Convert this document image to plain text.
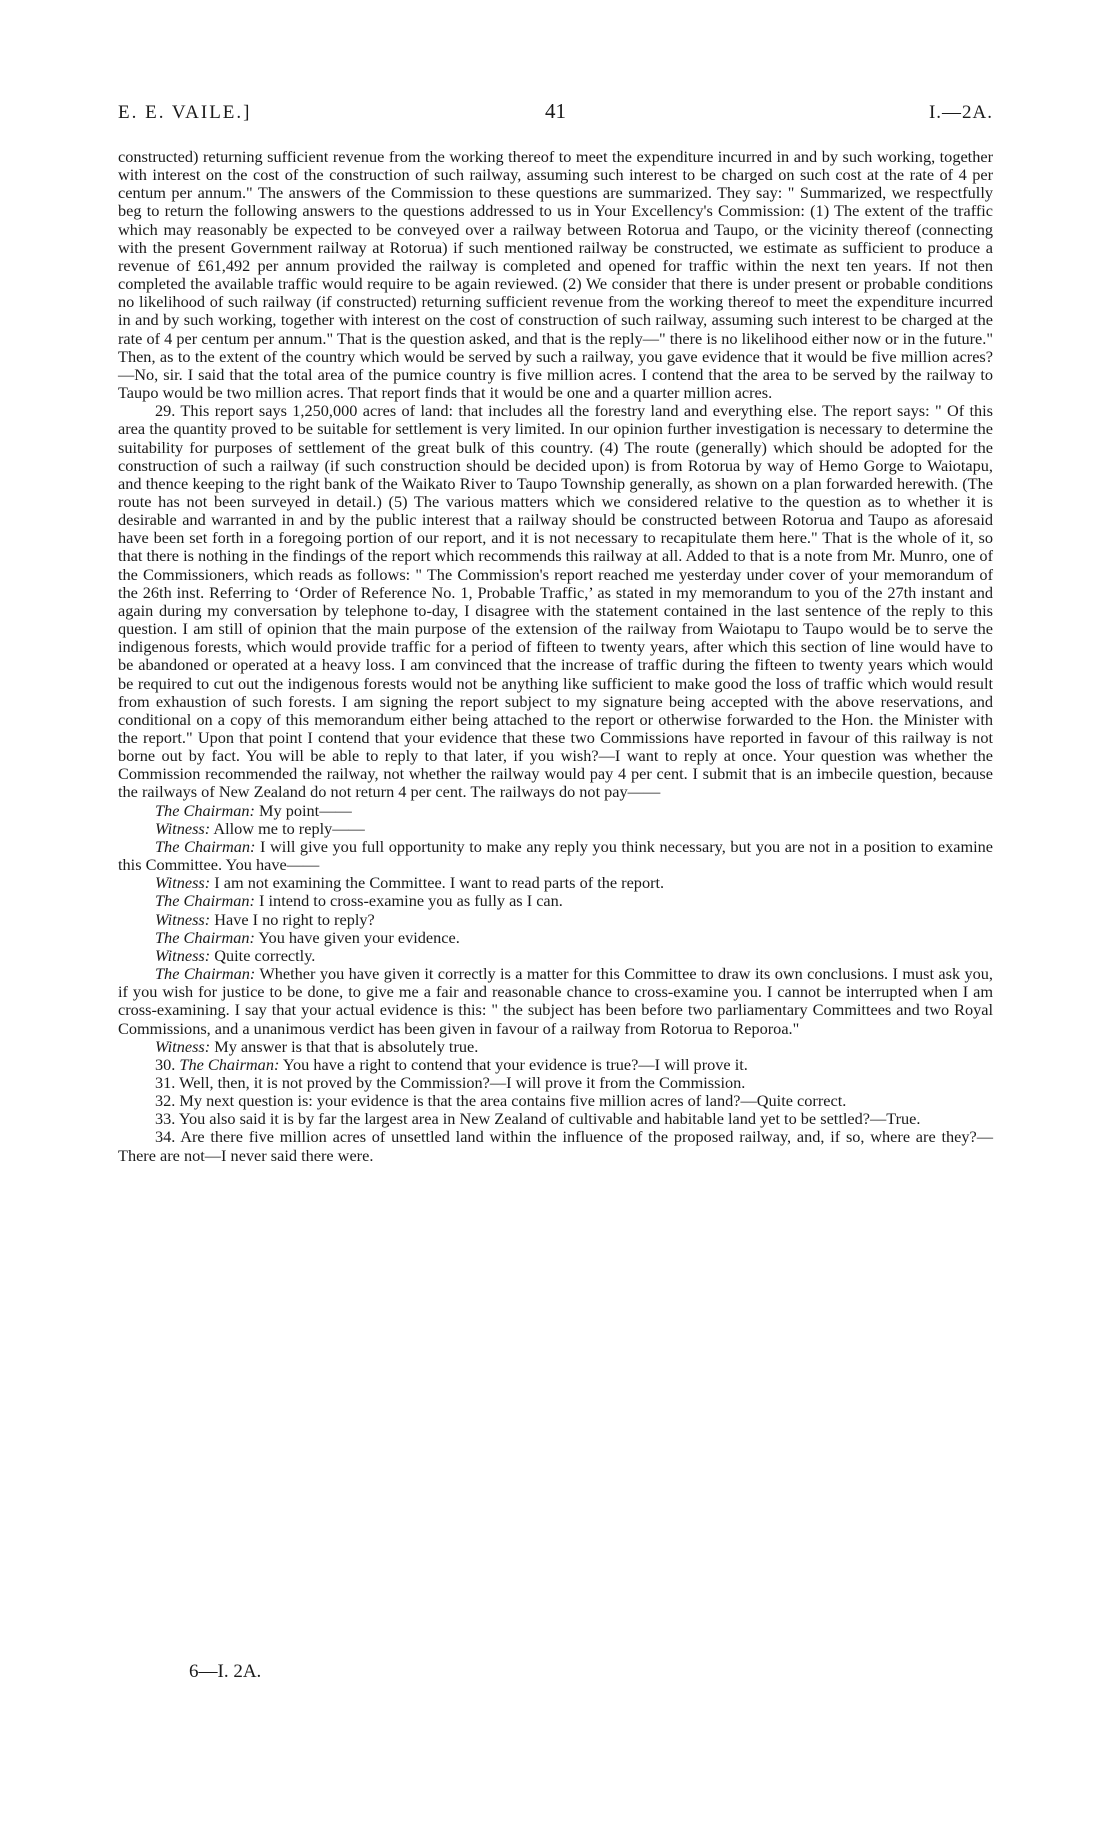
E. E. VAILE.]	41	I.—2A.

constructed) returning sufficient revenue from the working thereof to meet the expenditure incurred in and by such working, together with interest on the cost of the construction of such railway, assuming such interest to be charged on such cost at the rate of 4 per centum per annum." The answers of the Commission to these questions are summarized. They say: " Summarized, we respectfully beg to return the following answers to the questions addressed to us in Your Excellency's Commission: (1) The extent of the traffic which may reasonably be expected to be conveyed over a railway between Rotorua and Taupo, or the vicinity thereof (connecting with the present Government railway at Rotorua) if such mentioned railway be constructed, we estimate as sufficient to produce a revenue of £61,492 per annum provided the railway is completed and opened for traffic within the next ten years. If not then completed the available traffic would require to be again reviewed. (2) We consider that there is under present or probable conditions no likelihood of such railway (if constructed) returning sufficient revenue from the working thereof to meet the expenditure incurred in and by such working, together with interest on the cost of construction of such railway, assuming such interest to be charged at the rate of 4 per centum per annum." That is the question asked, and that is the reply—" there is no likelihood either now or in the future." Then, as to the extent of the country which would be served by such a railway, you gave evidence that it would be five million acres?—No, sir. I said that the total area of the pumice country is five million acres. I contend that the area to be served by the railway to Taupo would be two million acres. That report finds that it would be one and a quarter million acres.

29. This report says 1,250,000 acres of land: that includes all the forestry land and everything else. The report says: " Of this area the quantity proved to be suitable for settlement is very limited. In our opinion further investigation is necessary to determine the suitability for purposes of settlement of the great bulk of this country. (4) The route (generally) which should be adopted for the construction of such a railway (if such construction should be decided upon) is from Rotorua by way of Hemo Gorge to Waiotapu, and thence keeping to the right bank of the Waikato River to Taupo Township generally, as shown on a plan forwarded herewith. (The route has not been surveyed in detail.) (5) The various matters which we considered relative to the question as to whether it is desirable and warranted in and by the public interest that a railway should be constructed between Rotorua and Taupo as aforesaid have been set forth in a foregoing portion of our report, and it is not necessary to recapitulate them here." That is the whole of it, so that there is nothing in the findings of the report which recommends this railway at all. Added to that is a note from Mr. Munro, one of the Commissioners, which reads as follows: " The Commission's report reached me yesterday under cover of your memorandum of the 26th inst. Referring to ‘Order of Reference No. 1, Probable Traffic,’ as stated in my memorandum to you of the 27th instant and again during my conversation by telephone to-day, I disagree with the statement contained in the last sentence of the reply to this question. I am still of opinion that the main purpose of the extension of the railway from Waiotapu to Taupo would be to serve the indigenous forests, which would provide traffic for a period of fifteen to twenty years, after which this section of line would have to be abandoned or operated at a heavy loss. I am convinced that the increase of traffic during the fifteen to twenty years which would be required to cut out the indigenous forests would not be anything like sufficient to make good the loss of traffic which would result from exhaustion of such forests. I am signing the report subject to my signature being accepted with the above reservations, and conditional on a copy of this memorandum either being attached to the report or otherwise forwarded to the Hon. the Minister with the report." Upon that point I contend that your evidence that these two Commissions have reported in favour of this railway is not borne out by fact. You will be able to reply to that later, if you wish?—I want to reply at once. Your question was whether the Commission recommended the railway, not whether the railway would pay 4 per cent. I submit that is an imbecile question, because the railways of New Zealand do not return 4 per cent. The railways do not pay——

The Chairman: My point——

Witness: Allow me to reply——

The Chairman: I will give you full opportunity to make any reply you think necessary, but you are not in a position to examine this Committee. You have——

Witness: I am not examining the Committee. I want to read parts of the report.

The Chairman: I intend to cross-examine you as fully as I can.

Witness: Have I no right to reply?

The Chairman: You have given your evidence.

Witness: Quite correctly.

The Chairman: Whether you have given it correctly is a matter for this Committee to draw its own conclusions. I must ask you, if you wish for justice to be done, to give me a fair and reasonable chance to cross-examine you. I cannot be interrupted when I am cross-examining. I say that your actual evidence is this: " the subject has been before two parliamentary Committees and two Royal Commissions, and a unanimous verdict has been given in favour of a railway from Rotorua to Reporoa."

Witness: My answer is that that is absolutely true.

30. The Chairman: You have a right to contend that your evidence is true?—I will prove it.

31. Well, then, it is not proved by the Commission?—I will prove it from the Commission.

32. My next question is: your evidence is that the area contains five million acres of land?—Quite correct.

33. You also said it is by far the largest area in New Zealand of cultivable and habitable land yet to be settled?—True.

34. Are there five million acres of unsettled land within the influence of the proposed railway, and, if so, where are they?—There are not—I never said there were.

6—I. 2A.
